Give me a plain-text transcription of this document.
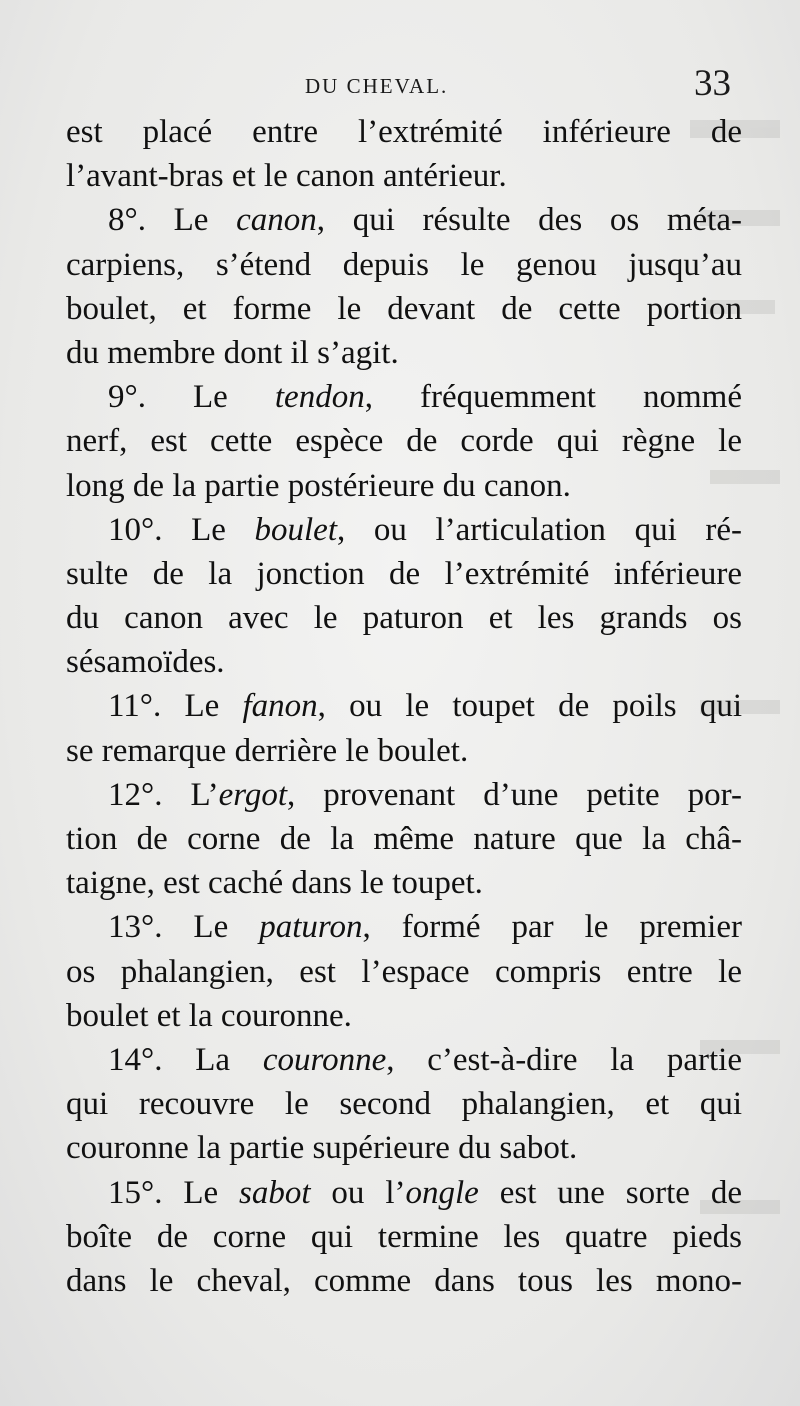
DU CHEVAL.	33
est placé entre l’extrémité inférieure de
l’avant-bras et le canon antérieur.
8°. Le canon, qui résulte des os méta-
carpiens, s’étend depuis le genou jusqu’au
boulet, et forme le devant de cette portion
du membre dont il s’agit.
9°. Le tendon, fréquemment nommé
nerf, est cette espèce de corde qui règne le
long de la partie postérieure du canon.
10°. Le boulet, ou l’articulation qui ré-
sulte de la jonction de l’extrémité inférieure
du canon avec le paturon et les grands os
sésamoïdes.
11°. Le fanon, ou le toupet de poils qui
se remarque derrière le boulet.
12°. L’ergot, provenant d’une petite por-
tion de corne de la même nature que la châ-
taigne, est caché dans le toupet.
13°. Le paturon, formé par le premier
os phalangien, est l’espace compris entre le
boulet et la couronne.
14°. La couronne, c’est-à-dire la partie
qui recouvre le second phalangien, et qui
couronne la partie supérieure du sabot.
15°. Le sabot ou l’ongle est une sorte de
boîte de corne qui termine les quatre pieds
dans le cheval, comme dans tous les mono-
